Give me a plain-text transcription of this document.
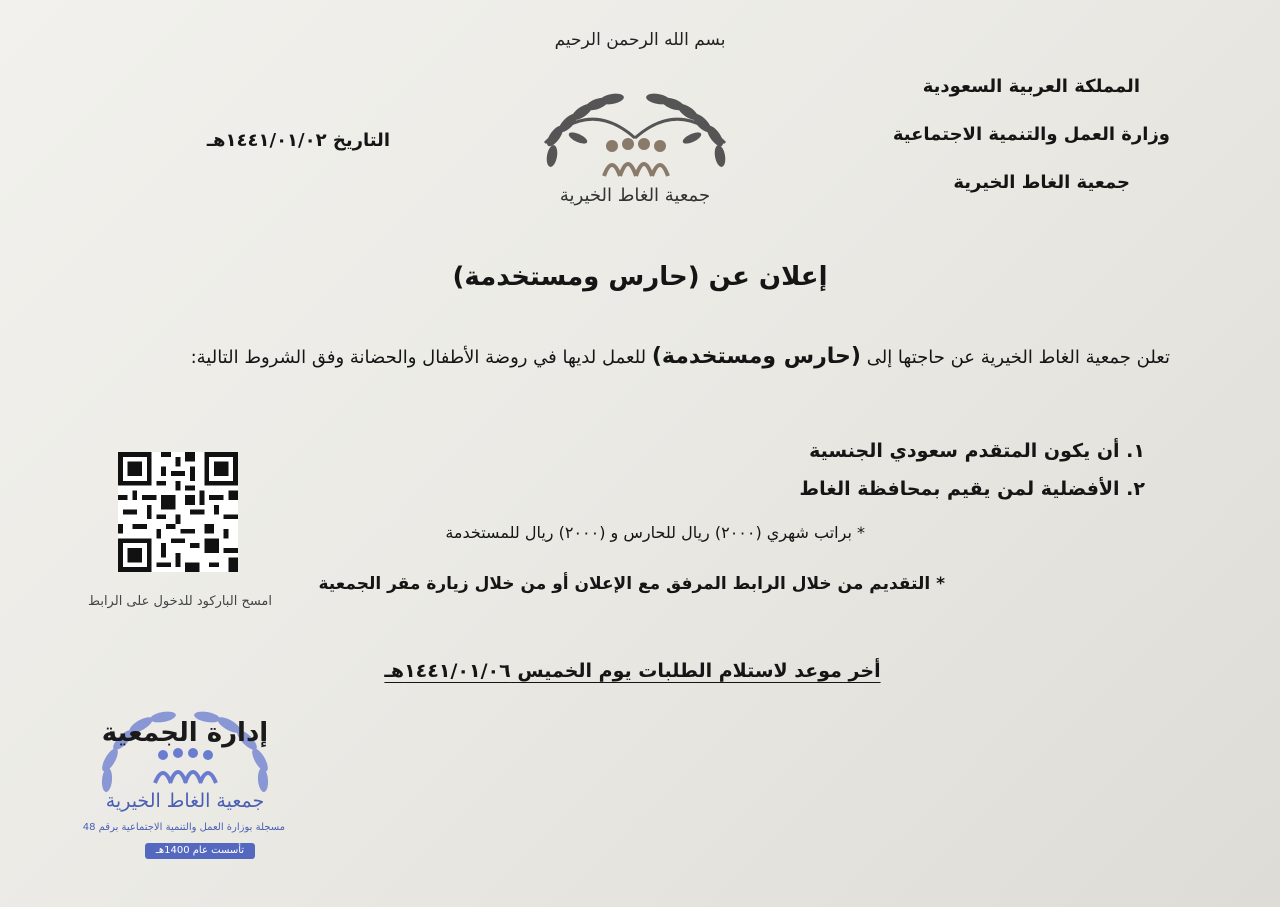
بسم الله الرحمن الرحيم
المملكة العربية السعودية
وزارة العمل والتنمية الاجتماعية
جمعية الغاط الخيرية
التاريخ ١٤٤١/٠١/٠٢هـ
جمعية الغاط الخيرية
إعلان عن (حارس ومستخدمة)

تعلن جمعية الغاط الخيرية عن حاجتها إلى (حارس ومستخدمة) للعمل لديها في روضة الأطفال والحضانة وفق الشروط التالية:

١. أن يكون المتقدم سعودي الجنسية
٢. الأفضلية لمن يقيم بمحافظة الغاط
* براتب شهري (٢٠٠٠) ريال للحارس و (٢٠٠٠) ريال للمستخدمة
* التقديم من خلال الرابط المرفق مع الإعلان أو من خلال زيارة مقر الجمعية
امسح الباركود للدخول على الرابط
أخر موعد لاستلام الطلبات يوم الخميس ١٤٤١/٠١/٠٦هـ
إدارة الجمعية
جمعية الغاط الخيرية
مسجلة بوزارة العمل والتنمية الاجتماعية برقم 48
تأسست عام 1400هـ
